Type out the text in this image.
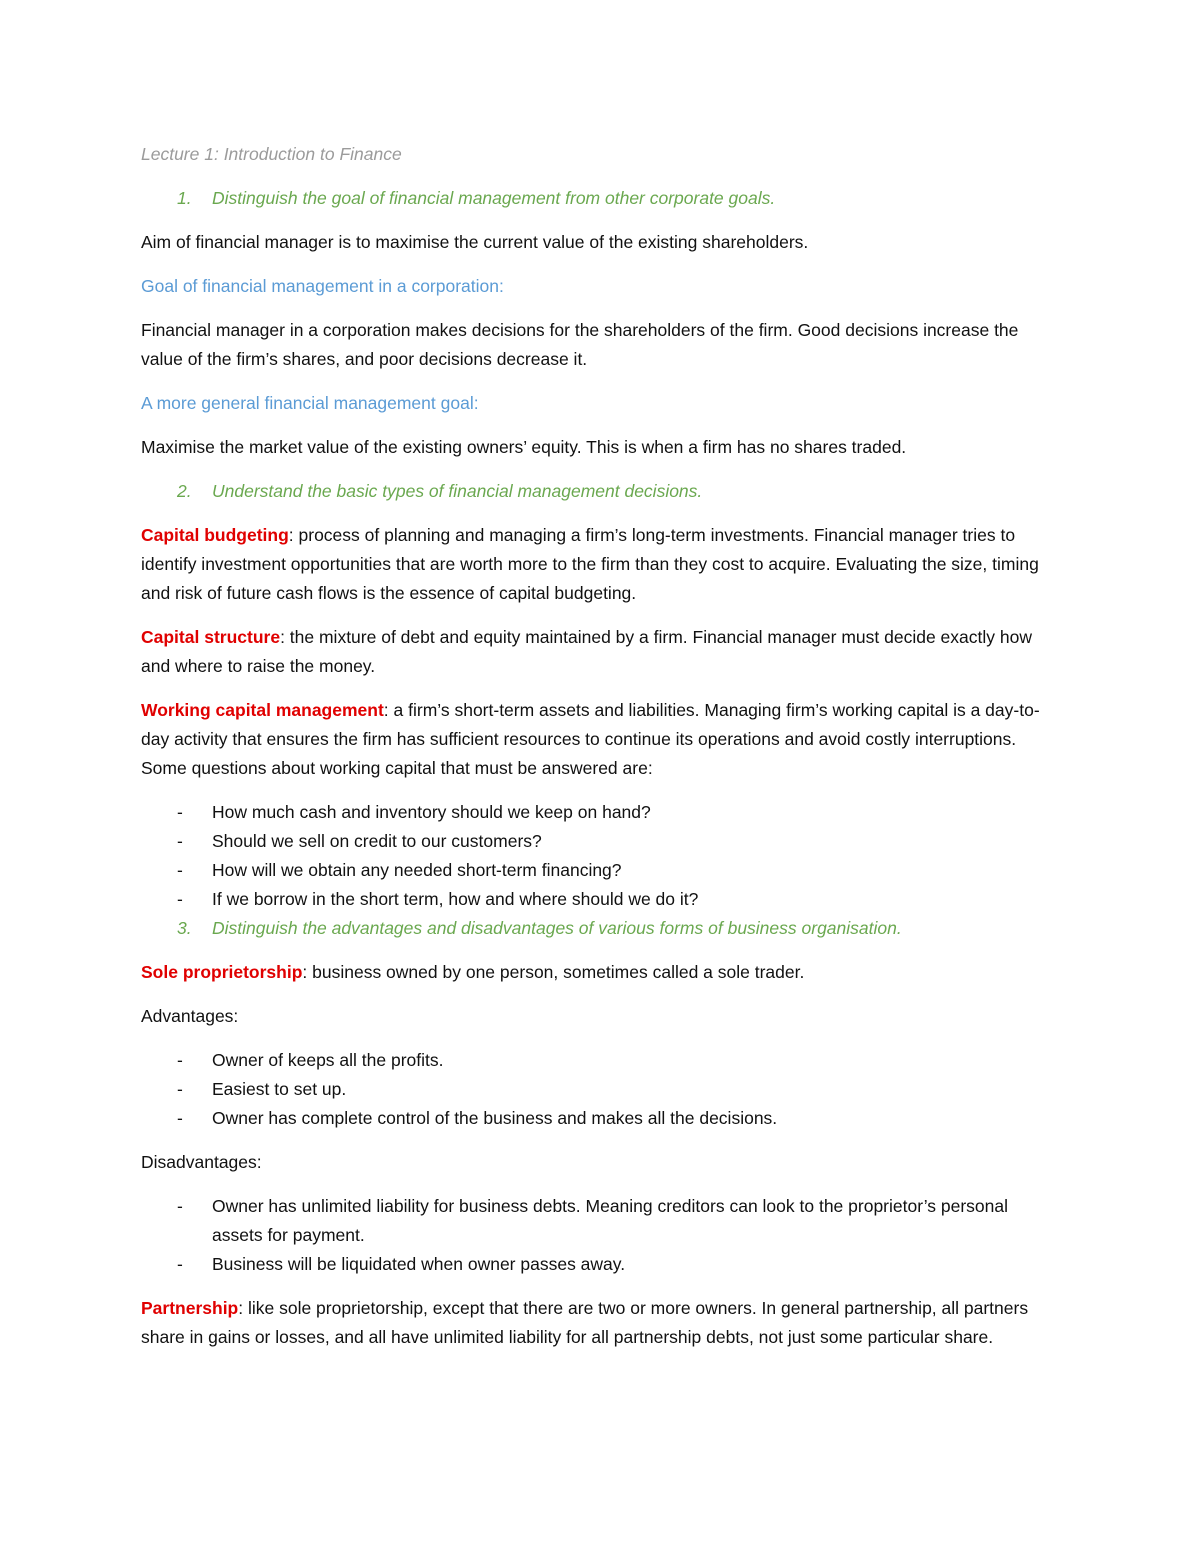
Lecture 1: Introduction to Finance

1. Distinguish the goal of financial management from other corporate goals.

Aim of financial manager is to maximise the current value of the existing shareholders.

Goal of financial management in a corporation:

Financial manager in a corporation makes decisions for the shareholders of the firm. Good decisions increase the value of the firm’s shares, and poor decisions decrease it.

A more general financial management goal:

Maximise the market value of the existing owners’ equity. This is when a firm has no shares traded.

2. Understand the basic types of financial management decisions.

Capital budgeting: process of planning and managing a firm’s long-term investments. Financial manager tries to identify investment opportunities that are worth more to the firm than they cost to acquire. Evaluating the size, timing and risk of future cash flows is the essence of capital budgeting.

Capital structure: the mixture of debt and equity maintained by a firm. Financial manager must decide exactly how and where to raise the money.

Working capital management: a firm’s short-term assets and liabilities. Managing firm’s working capital is a day-to-day activity that ensures the firm has sufficient resources to continue its operations and avoid costly interruptions. Some questions about working capital that must be answered are:

- How much cash and inventory should we keep on hand?
- Should we sell on credit to our customers?
- How will we obtain any needed short-term financing?
- If we borrow in the short term, how and where should we do it?

3. Distinguish the advantages and disadvantages of various forms of business organisation.

Sole proprietorship: business owned by one person, sometimes called a sole trader.

Advantages:

- Owner of keeps all the profits.
- Easiest to set up.
- Owner has complete control of the business and makes all the decisions.

Disadvantages:

- Owner has unlimited liability for business debts. Meaning creditors can look to the proprietor’s personal assets for payment.
- Business will be liquidated when owner passes away.

Partnership: like sole proprietorship, except that there are two or more owners. In general partnership, all partners share in gains or losses, and all have unlimited liability for all partnership debts, not just some particular share.
